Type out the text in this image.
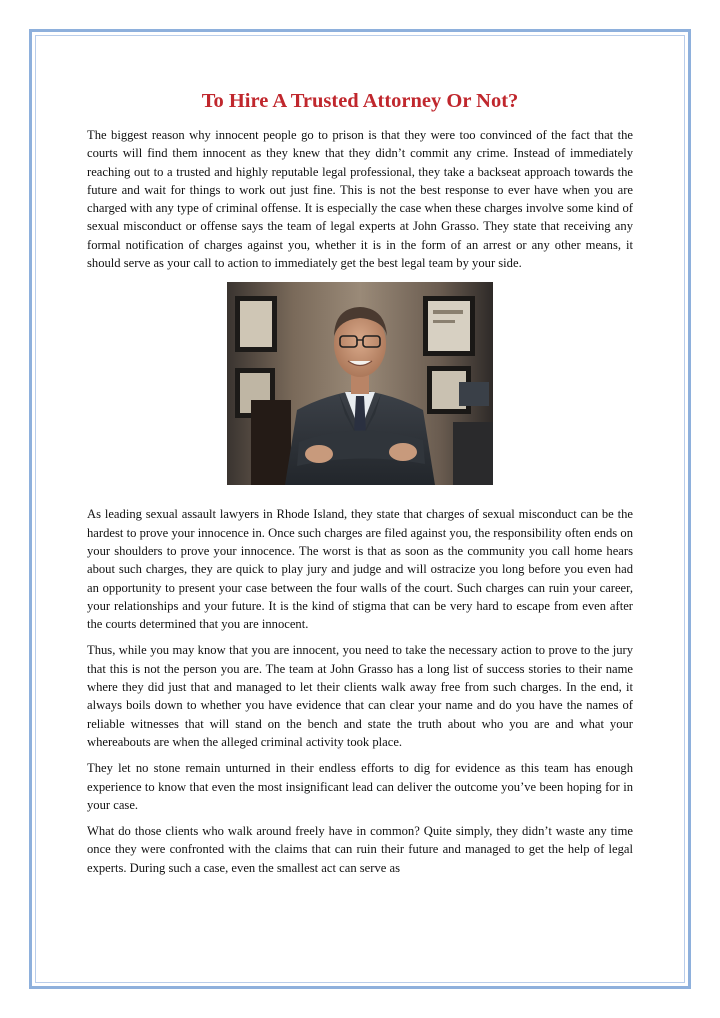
To Hire A Trusted Attorney Or Not?

The biggest reason why innocent people go to prison is that they were too convinced of the fact that the courts will find them innocent as they knew that they didn’t commit any crime. Instead of immediately reaching out to a trusted and highly reputable legal professional, they take a backseat approach towards the future and wait for things to work out just fine. This is not the best response to ever have when you are charged with any type of criminal offense. It is especially the case when these charges involve some kind of sexual misconduct or offense says the team of legal experts at John Grasso. They state that receiving any formal notification of charges against you, whether it is in the form of an arrest or any other means, it should serve as your call to action to immediately get the best legal team by your side.

As leading sexual assault lawyers in Rhode Island, they state that charges of sexual misconduct can be the hardest to prove your innocence in. Once such charges are filed against you, the responsibility often ends on your shoulders to prove your innocence. The worst is that as soon as the community you call home hears about such charges, they are quick to play jury and judge and will ostracize you long before you even had an opportunity to present your case between the four walls of the court. Such charges can ruin your career, your relationships and your future. It is the kind of stigma that can be very hard to escape from even after the courts determined that you are innocent.

Thus, while you may know that you are innocent, you need to take the necessary action to prove to the jury that this is not the person you are. The team at John Grasso has a long list of success stories to their name where they did just that and managed to let their clients walk away free from such charges. In the end, it always boils down to whether you have evidence that can clear your name and do you have the names of reliable witnesses that will stand on the bench and state the truth about who you are and what your whereabouts are when the alleged criminal activity took place.

They let no stone remain unturned in their endless efforts to dig for evidence as this team has enough experience to know that even the most insignificant lead can deliver the outcome you’ve been hoping for in your case.

What do those clients who walk around freely have in common? Quite simply, they didn’t waste any time once they were confronted with the claims that can ruin their future and managed to get the help of legal experts. During such a case, even the smallest act can serve as
